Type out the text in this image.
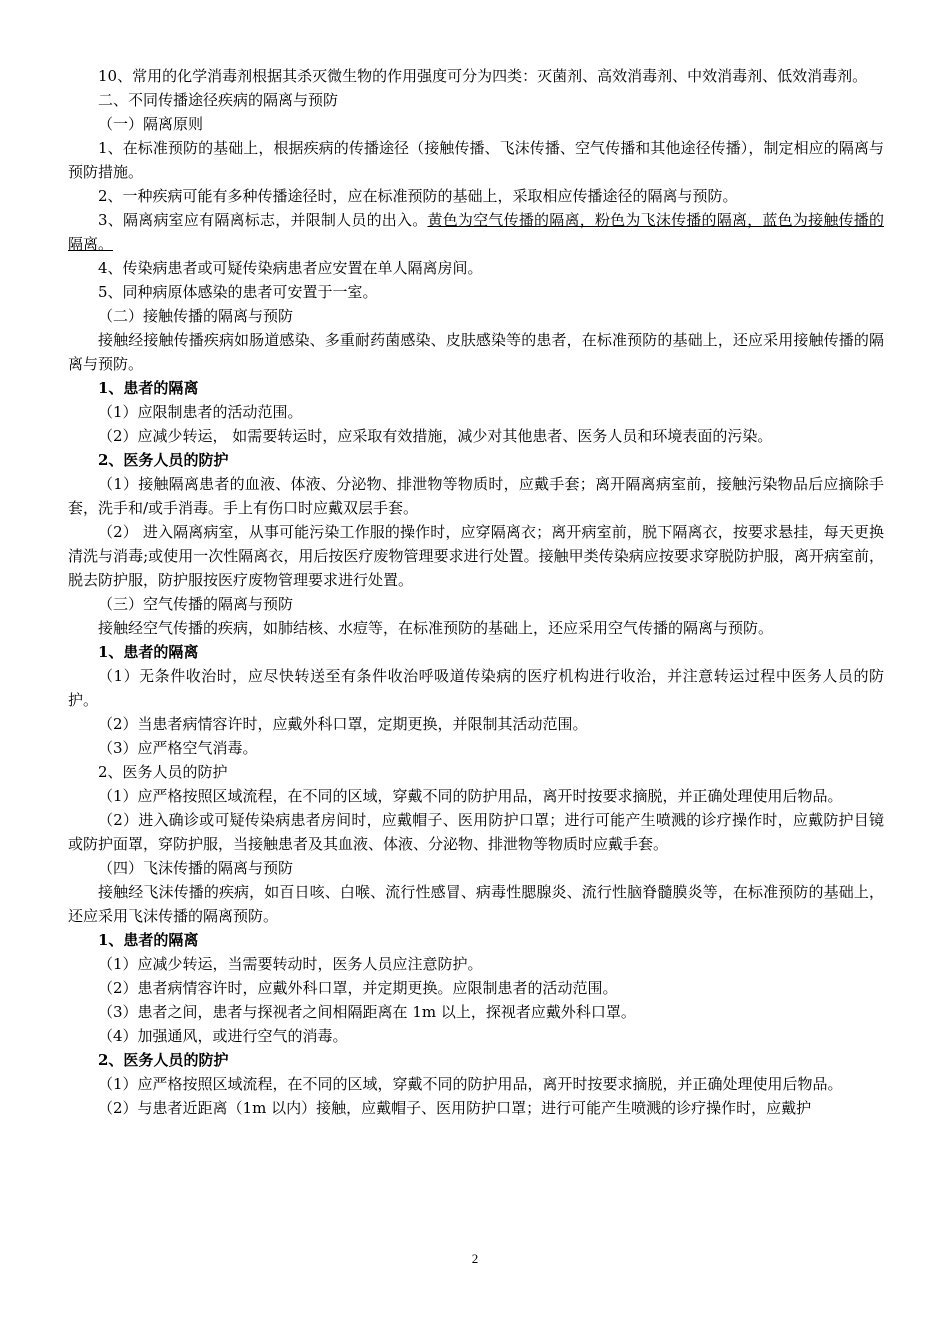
10、常用的化学消毒剂根据其杀灭微生物的作用强度可分为四类：灭菌剂、高效消毒剂、中效消毒剂、低效消毒剂。

二、不同传播途径疾病的隔离与预防

（一）隔离原则

1、在标准预防的基础上，根据疾病的传播途径（接触传播、飞沫传播、空气传播和其他途径传播），制定相应的隔离与预防措施。

2、一种疾病可能有多种传播途径时，应在标准预防的基础上，采取相应传播途径的隔离与预防。

3、隔离病室应有隔离标志，并限制人员的出入。黄色为空气传播的隔离，粉色为飞沫传播的隔离，蓝色为接触传播的隔离。

4、传染病患者或可疑传染病患者应安置在单人隔离房间。

5、同种病原体感染的患者可安置于一室。

（二）接触传播的隔离与预防

接触经接触传播疾病如肠道感染、多重耐药菌感染、皮肤感染等的患者，在标准预防的基础上，还应采用接触传播的隔离与预防。

1、患者的隔离

（1）应限制患者的活动范围。

（2）应减少转运， 如需要转运时，应采取有效措施，减少对其他患者、医务人员和环境表面的污染。

2、医务人员的防护

（1）接触隔离患者的血液、体液、分泌物、排泄物等物质时，应戴手套；离开隔离病室前，接触污染物品后应摘除手套，洗手和/或手消毒。手上有伤口时应戴双层手套。

（2） 进入隔离病室，从事可能污染工作服的操作时，应穿隔离衣；离开病室前，脱下隔离衣，按要求悬挂，每天更换清洗与消毒;或使用一次性隔离衣，用后按医疗废物管理要求进行处置。接触甲类传染病应按要求穿脱防护服，离开病室前，脱去防护服，防护服按医疗废物管理要求进行处置。

（三）空气传播的隔离与预防

接触经空气传播的疾病，如肺结核、水痘等，在标准预防的基础上，还应采用空气传播的隔离与预防。

1、患者的隔离

（1）无条件收治时，应尽快转送至有条件收治呼吸道传染病的医疗机构进行收治，并注意转运过程中医务人员的防护。

（2）当患者病情容许时，应戴外科口罩，定期更换，并限制其活动范围。

（3）应严格空气消毒。

2、医务人员的防护

（1）应严格按照区域流程，在不同的区域，穿戴不同的防护用品，离开时按要求摘脱，并正确处理使用后物品。

（2）进入确诊或可疑传染病患者房间时，应戴帽子、医用防护口罩；进行可能产生喷溅的诊疗操作时，应戴防护目镜或防护面罩，穿防护服，当接触患者及其血液、体液、分泌物、排泄物等物质时应戴手套。

（四）飞沫传播的隔离与预防

接触经飞沫传播的疾病，如百日咳、白喉、流行性感冒、病毒性腮腺炎、流行性脑脊髓膜炎等，在标准预防的基础上，还应采用飞沫传播的隔离预防。

1、患者的隔离

（1）应减少转运，当需要转动时，医务人员应注意防护。

（2）患者病情容许时，应戴外科口罩，并定期更换。应限制患者的活动范围。

（3）患者之间，患者与探视者之间相隔距离在 1m 以上，探视者应戴外科口罩。

（4）加强通风，或进行空气的消毒。

2、医务人员的防护

（1）应严格按照区域流程，在不同的区域，穿戴不同的防护用品，离开时按要求摘脱，并正确处理使用后物品。

（2）与患者近距离（1m 以内）接触，应戴帽子、医用防护口罩；进行可能产生喷溅的诊疗操作时，应戴护

2
